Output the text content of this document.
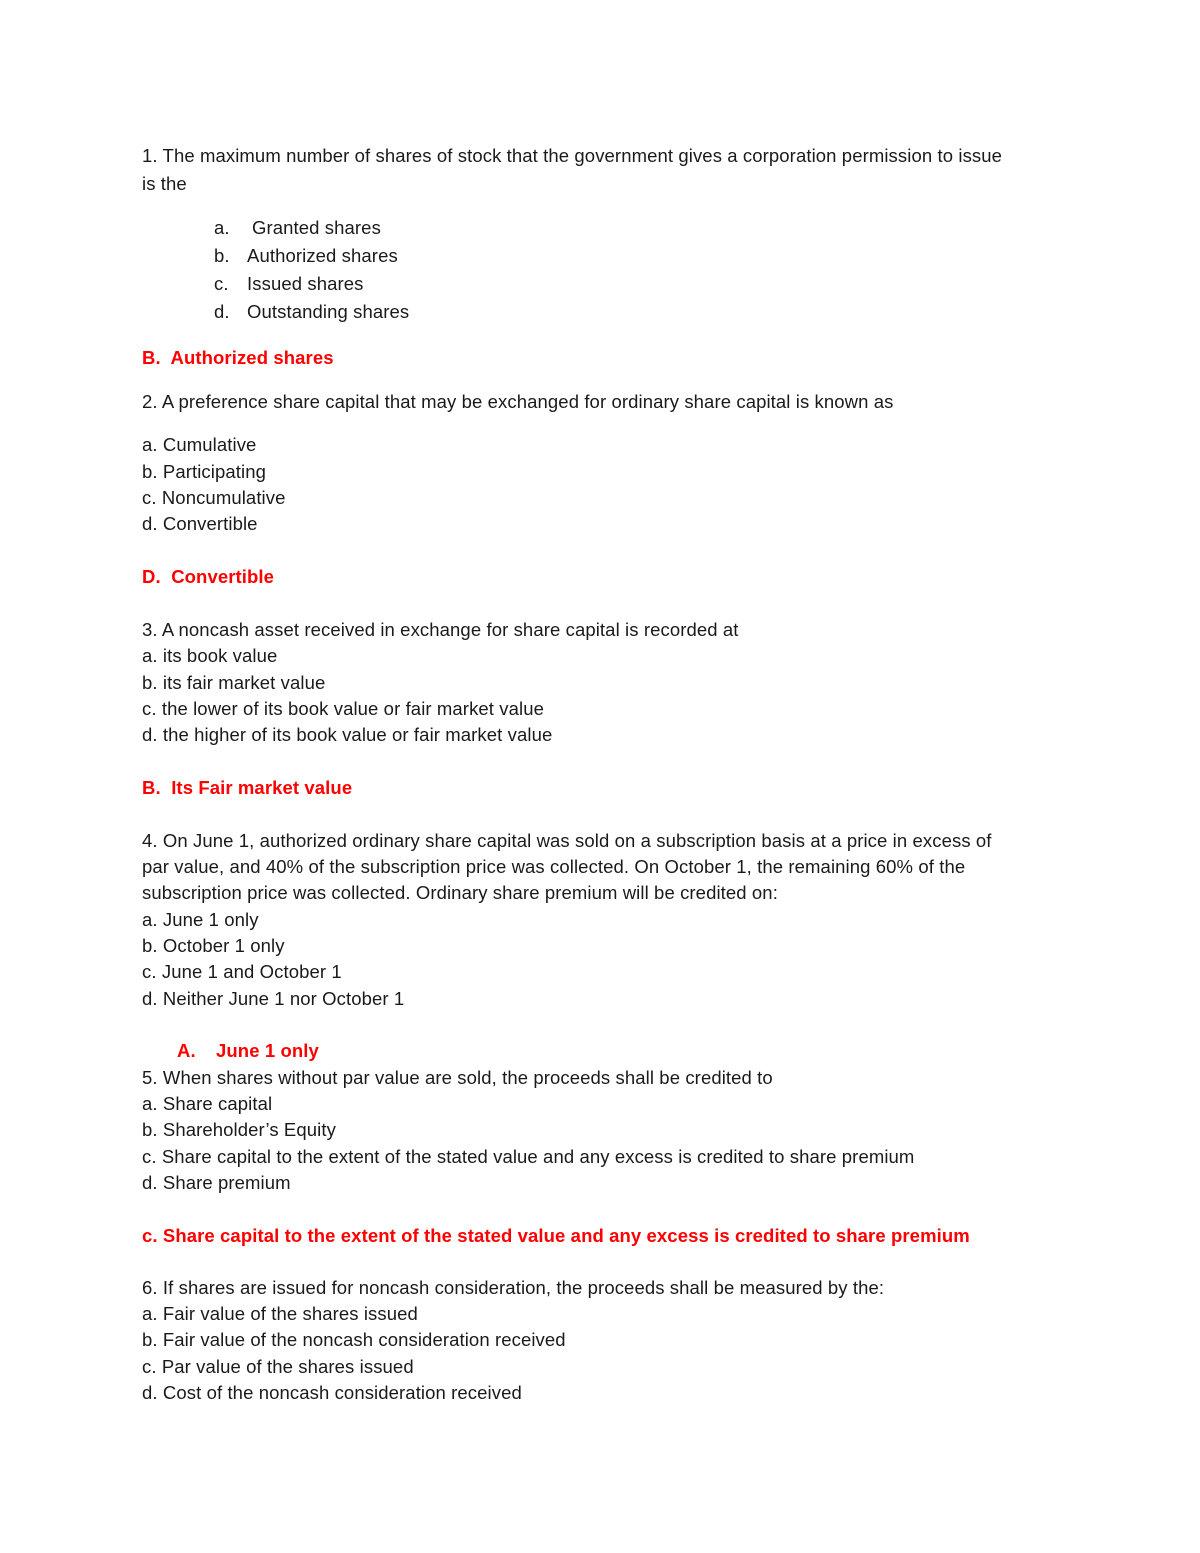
1. The maximum number of shares of stock that the government gives a corporation permission to issue
is the
a. Granted shares
b. Authorized shares
c. Issued shares
d. Outstanding shares
B. Authorized shares
2. A preference share capital that may be exchanged for ordinary share capital is known as
a. Cumulative
b. Participating
c. Noncumulative
d. Convertible
D. Convertible
3. A noncash asset received in exchange for share capital is recorded at
a. its book value
b. its fair market value
c. the lower of its book value or fair market value
d. the higher of its book value or fair market value
B. Its Fair market value
4. On June 1, authorized ordinary share capital was sold on a subscription basis at a price in excess of
par value, and 40% of the subscription price was collected. On October 1, the remaining 60% of the
subscription price was collected. Ordinary share premium will be credited on:
a. June 1 only
b. October 1 only
c. June 1 and October 1
d. Neither June 1 nor October 1
A. June 1 only
5. When shares without par value are sold, the proceeds shall be credited to
a. Share capital
b. Shareholder’s Equity
c. Share capital to the extent of the stated value and any excess is credited to share premium
d. Share premium
c. Share capital to the extent of the stated value and any excess is credited to share premium
6. If shares are issued for noncash consideration, the proceeds shall be measured by the:
a. Fair value of the shares issued
b. Fair value of the noncash consideration received
c. Par value of the shares issued
d. Cost of the noncash consideration received
